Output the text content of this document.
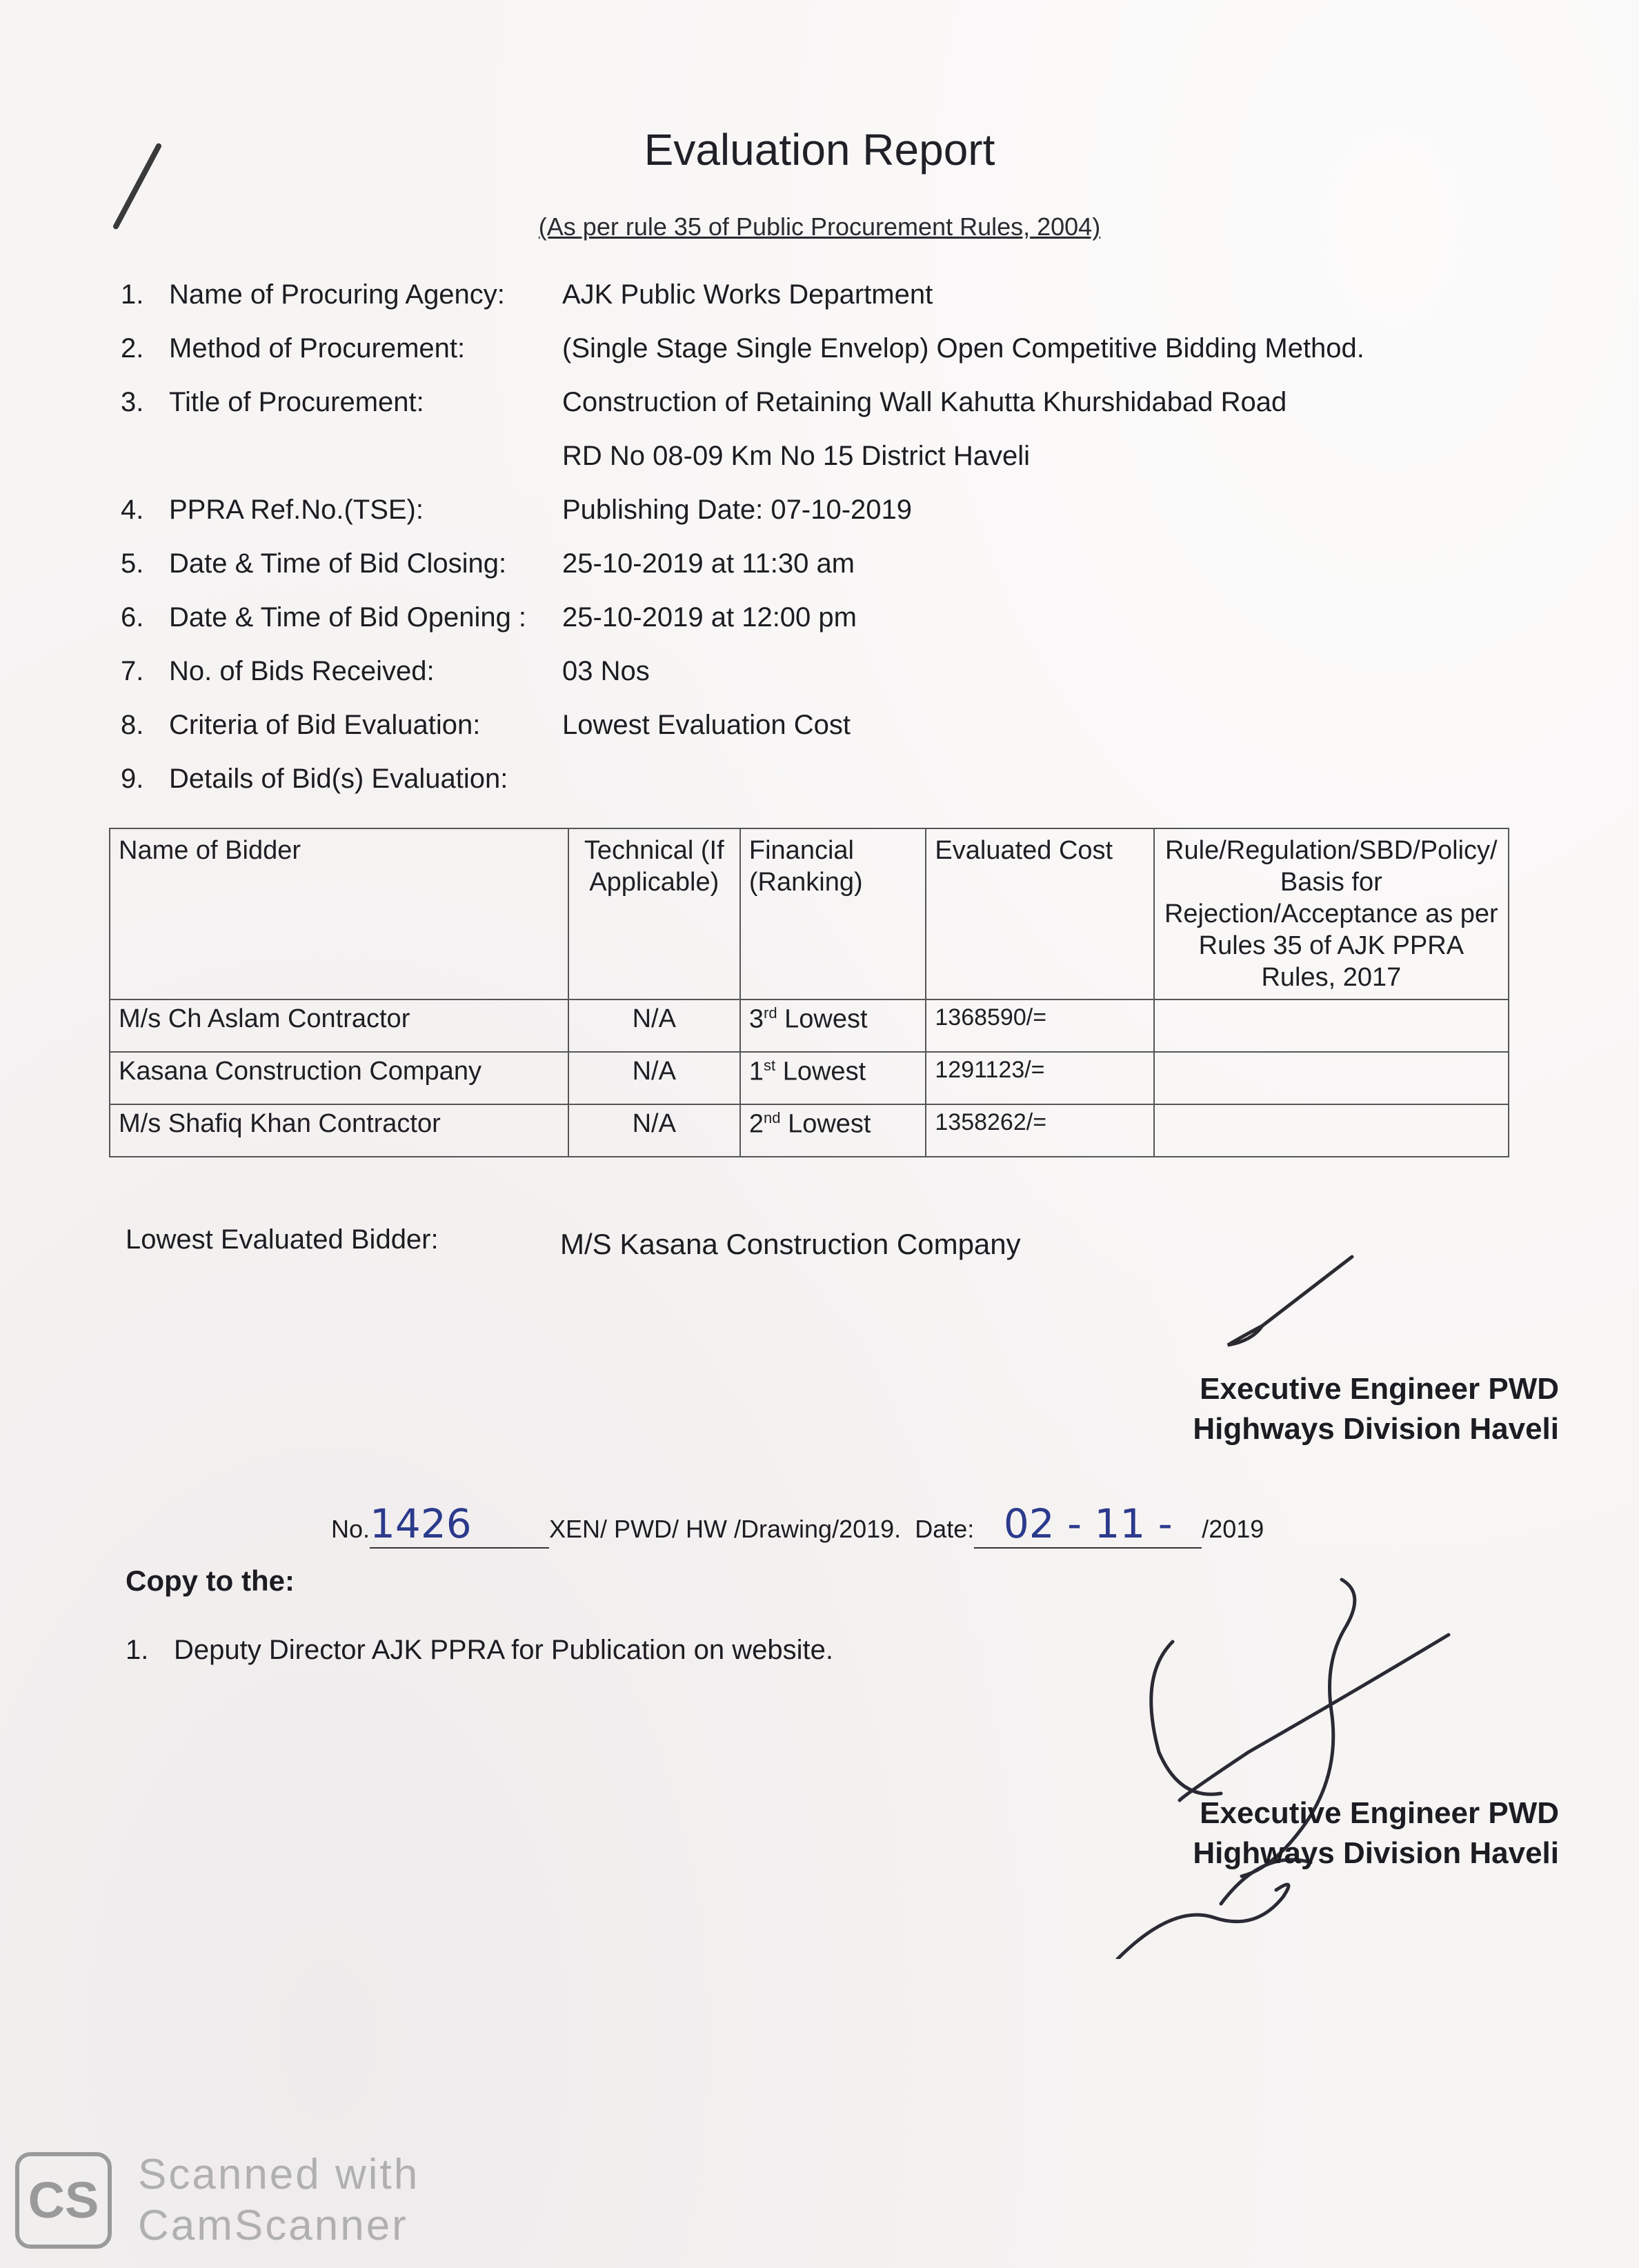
Evaluation Report
(As per rule 35 of Public Procurement Rules, 2004)
1. Name of Procuring Agency: AJK Public Works Department
2. Method of Procurement:	(Single Stage Single Envelop) Open Competitive Bidding Method.
3. Title of Procurement:	Construction of Retaining Wall Kahutta Khurshidabad Road
RD No 08-09 Km No 15 District Haveli
4. PPRA Ref.No.(TSE):	Publishing Date: 07-10-2019
5. Date & Time of Bid Closing: 25-10-2019 at 11:30 am
6. Date & Time of Bid Opening : 25-10-2019 at 12:00 pm
7. No. of Bids Received:	03 Nos
8. Criteria of Bid Evaluation:	Lowest Evaluation Cost
9. Details of Bid(s) Evaluation:
Name of Bidder	Technical (If Applicable)	Financial (Ranking)	Evaluated Cost	Rule/Regulation/SBD/Policy/ Basis for Rejection/Acceptance as per Rules 35 of AJK PPRA Rules, 2017
M/s Ch Aslam Contractor	N/A	3rd Lowest	1368590/=	
Kasana Construction Company	N/A	1st Lowest	1291123/=	
M/s Shafiq Khan Contractor	N/A	2nd Lowest	1358262/=	
Lowest Evaluated Bidder:	M/S Kasana Construction Company
Executive Engineer PWD
Highways Division Haveli
No.1426	XEN/ PWD/ HW /Drawing/2019. Date: 02 - 11 - /2019
Copy to the:
1. Deputy Director AJK PPRA for Publication on website.
Executive Engineer PWD
Highways Division Haveli
CS Scanned with
CamScanner
